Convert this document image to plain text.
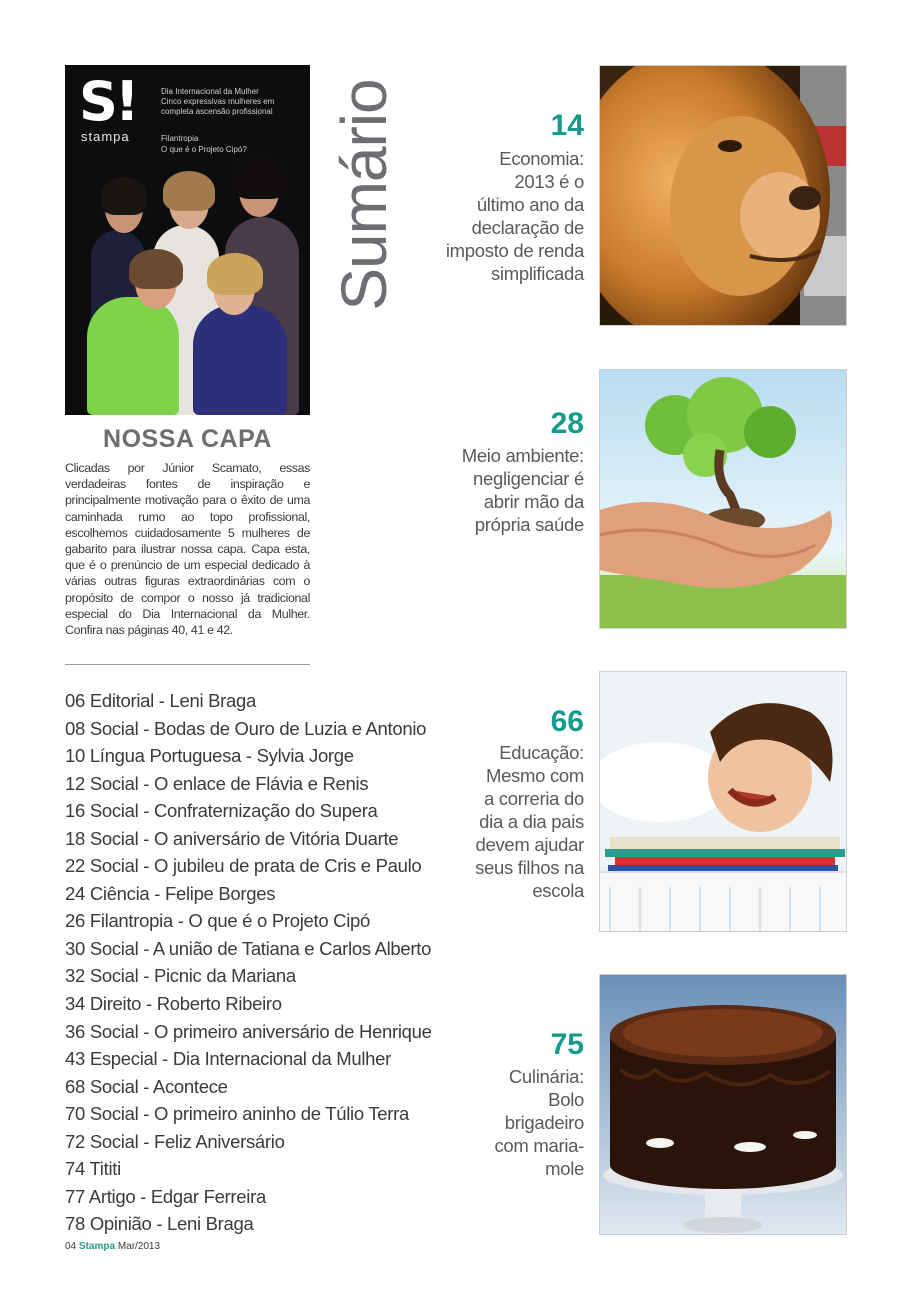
S!
stampa
Dia Internacional da Mulher
Cinco expressivas mulheres em completa ascensão profissional
Filantropia
O que é o Projeto Cipó?
NOSSA CAPA
Clicadas por Júnior Scamato, essas verdadeiras fontes de inspiração e principalmente motivação para o êxito de uma caminhada rumo ao topo profissional, escolhemos cuidadosamente 5 mulheres de gabarito para ilustrar nossa capa. Capa esta, que é o prenúncio de um especial dedicado à várias outras figuras extraordinárias com o propósito de compor o nosso já tradicional especial do Dia Internacional da Mulher. Confira nas páginas 40, 41 e 42.
Sumário
06 Editorial - Leni Braga
08 Social - Bodas de Ouro de Luzia e Antonio
10 Língua Portuguesa - Sylvia Jorge
12 Social - O enlace de Flávia e Renis
16 Social - Confraternização do Supera
18 Social - O aniversário de Vitória Duarte
22 Social - O jubileu de prata de Cris e Paulo
24 Ciência - Felipe Borges
26 Filantropia - O que é o Projeto Cipó
30 Social - A união de Tatiana e Carlos Alberto
32 Social - Picnic da Mariana
34 Direito - Roberto Ribeiro
36 Social - O primeiro aniversário de Henrique
43 Especial - Dia Internacional da Mulher
68 Social - Acontece
70 Social - O primeiro aninho de Túlio Terra
72 Social - Feliz Aniversário
74 Tititi
77 Artigo - Edgar Ferreira
78 Opinião - Leni Braga
04 Stampa Mar/2013
14
Economia:
2013 é o
último ano da
declaração de
imposto de renda
simplificada
28
Meio ambiente:
negligenciar é
abrir mão da
própria saúde
66
Educação:
Mesmo com
a correria do
dia a dia pais
devem ajudar
seus filhos na
escola
75
Culinária:
Bolo
brigadeiro
com maria-
mole
